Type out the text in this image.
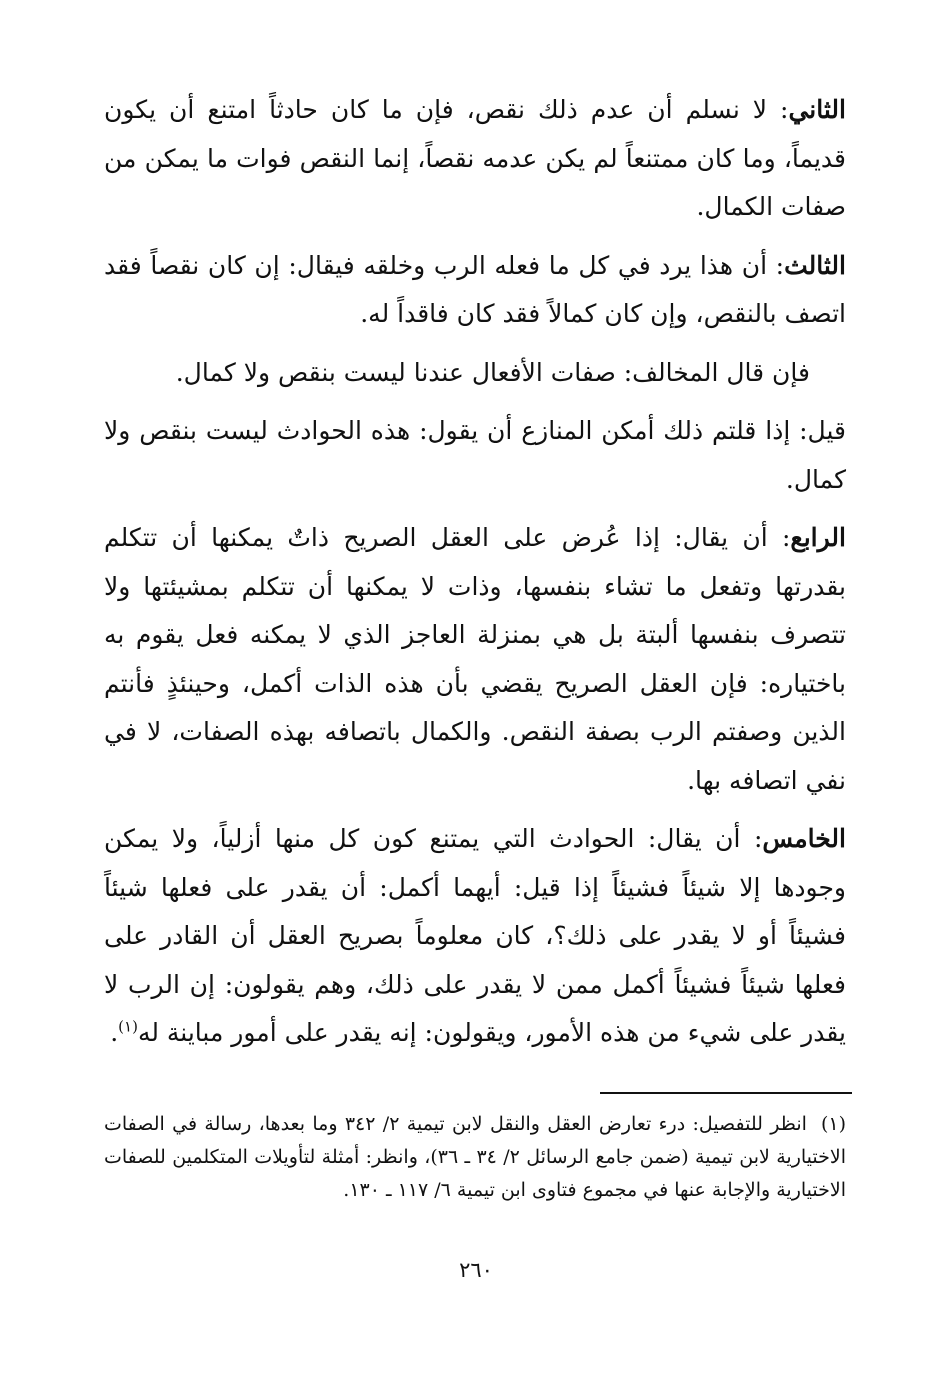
الثاني: لا نسلم أن عدم ذلك نقص، فإن ما كان حادثاً امتنع أن يكون قديماً، وما كان ممتنعاً لم يكن عدمه نقصاً، إنما النقص فوات ما يمكن من صفات الكمال.

الثالث: أن هذا يرد في كل ما فعله الرب وخلقه فيقال: إن كان نقصاً فقد اتصف بالنقص، وإن كان كمالاً فقد كان فاقداً له.

فإن قال المخالف: صفات الأفعال عندنا ليست بنقص ولا كمال.

قيل: إذا قلتم ذلك أمكن المنازع أن يقول: هذه الحوادث ليست بنقص ولا كمال.

الرابع: أن يقال: إذا عُرض على العقل الصريح ذاتٌ يمكنها أن تتكلم بقدرتها وتفعل ما تشاء بنفسها، وذات لا يمكنها أن تتكلم بمشيئتها ولا تتصرف بنفسها ألبتة بل هي بمنزلة العاجز الذي لا يمكنه فعل يقوم به باختياره: فإن العقل الصريح يقضي بأن هذه الذات أكمل، وحينئذٍ فأنتم الذين وصفتم الرب بصفة النقص. والكمال باتصافه بهذه الصفات، لا في نفي اتصافه بها.

الخامس: أن يقال: الحوادث التي يمتنع كون كل منها أزلياً، ولا يمكن وجودها إلا شيئاً فشيئاً إذا قيل: أيهما أكمل: أن يقدر على فعلها شيئاً فشيئاً أو لا يقدر على ذلك؟، كان معلوماً بصريح العقل أن القادر على فعلها شيئاً فشيئاً أكمل ممن لا يقدر على ذلك، وهم يقولون: إن الرب لا يقدر على شيء من هذه الأمور، ويقولون: إنه يقدر على أمور مباينة له$^{(١)}$.

(١)انظر للتفصيل: درء تعارض العقل والنقل لابن تيمية ٢/ ٣٤٢ وما بعدها، رسالة في الصفات الاختيارية لابن تيمية (ضمن جامع الرسائل ٢/ ٣٤ ـ ٣٦)، وانظر: أمثلة لتأويلات المتكلمين للصفات الاختيارية والإجابة عنها في مجموع فتاوى ابن تيمية ٦/ ١١٧ ـ ١٣٠.
٢٦٠
